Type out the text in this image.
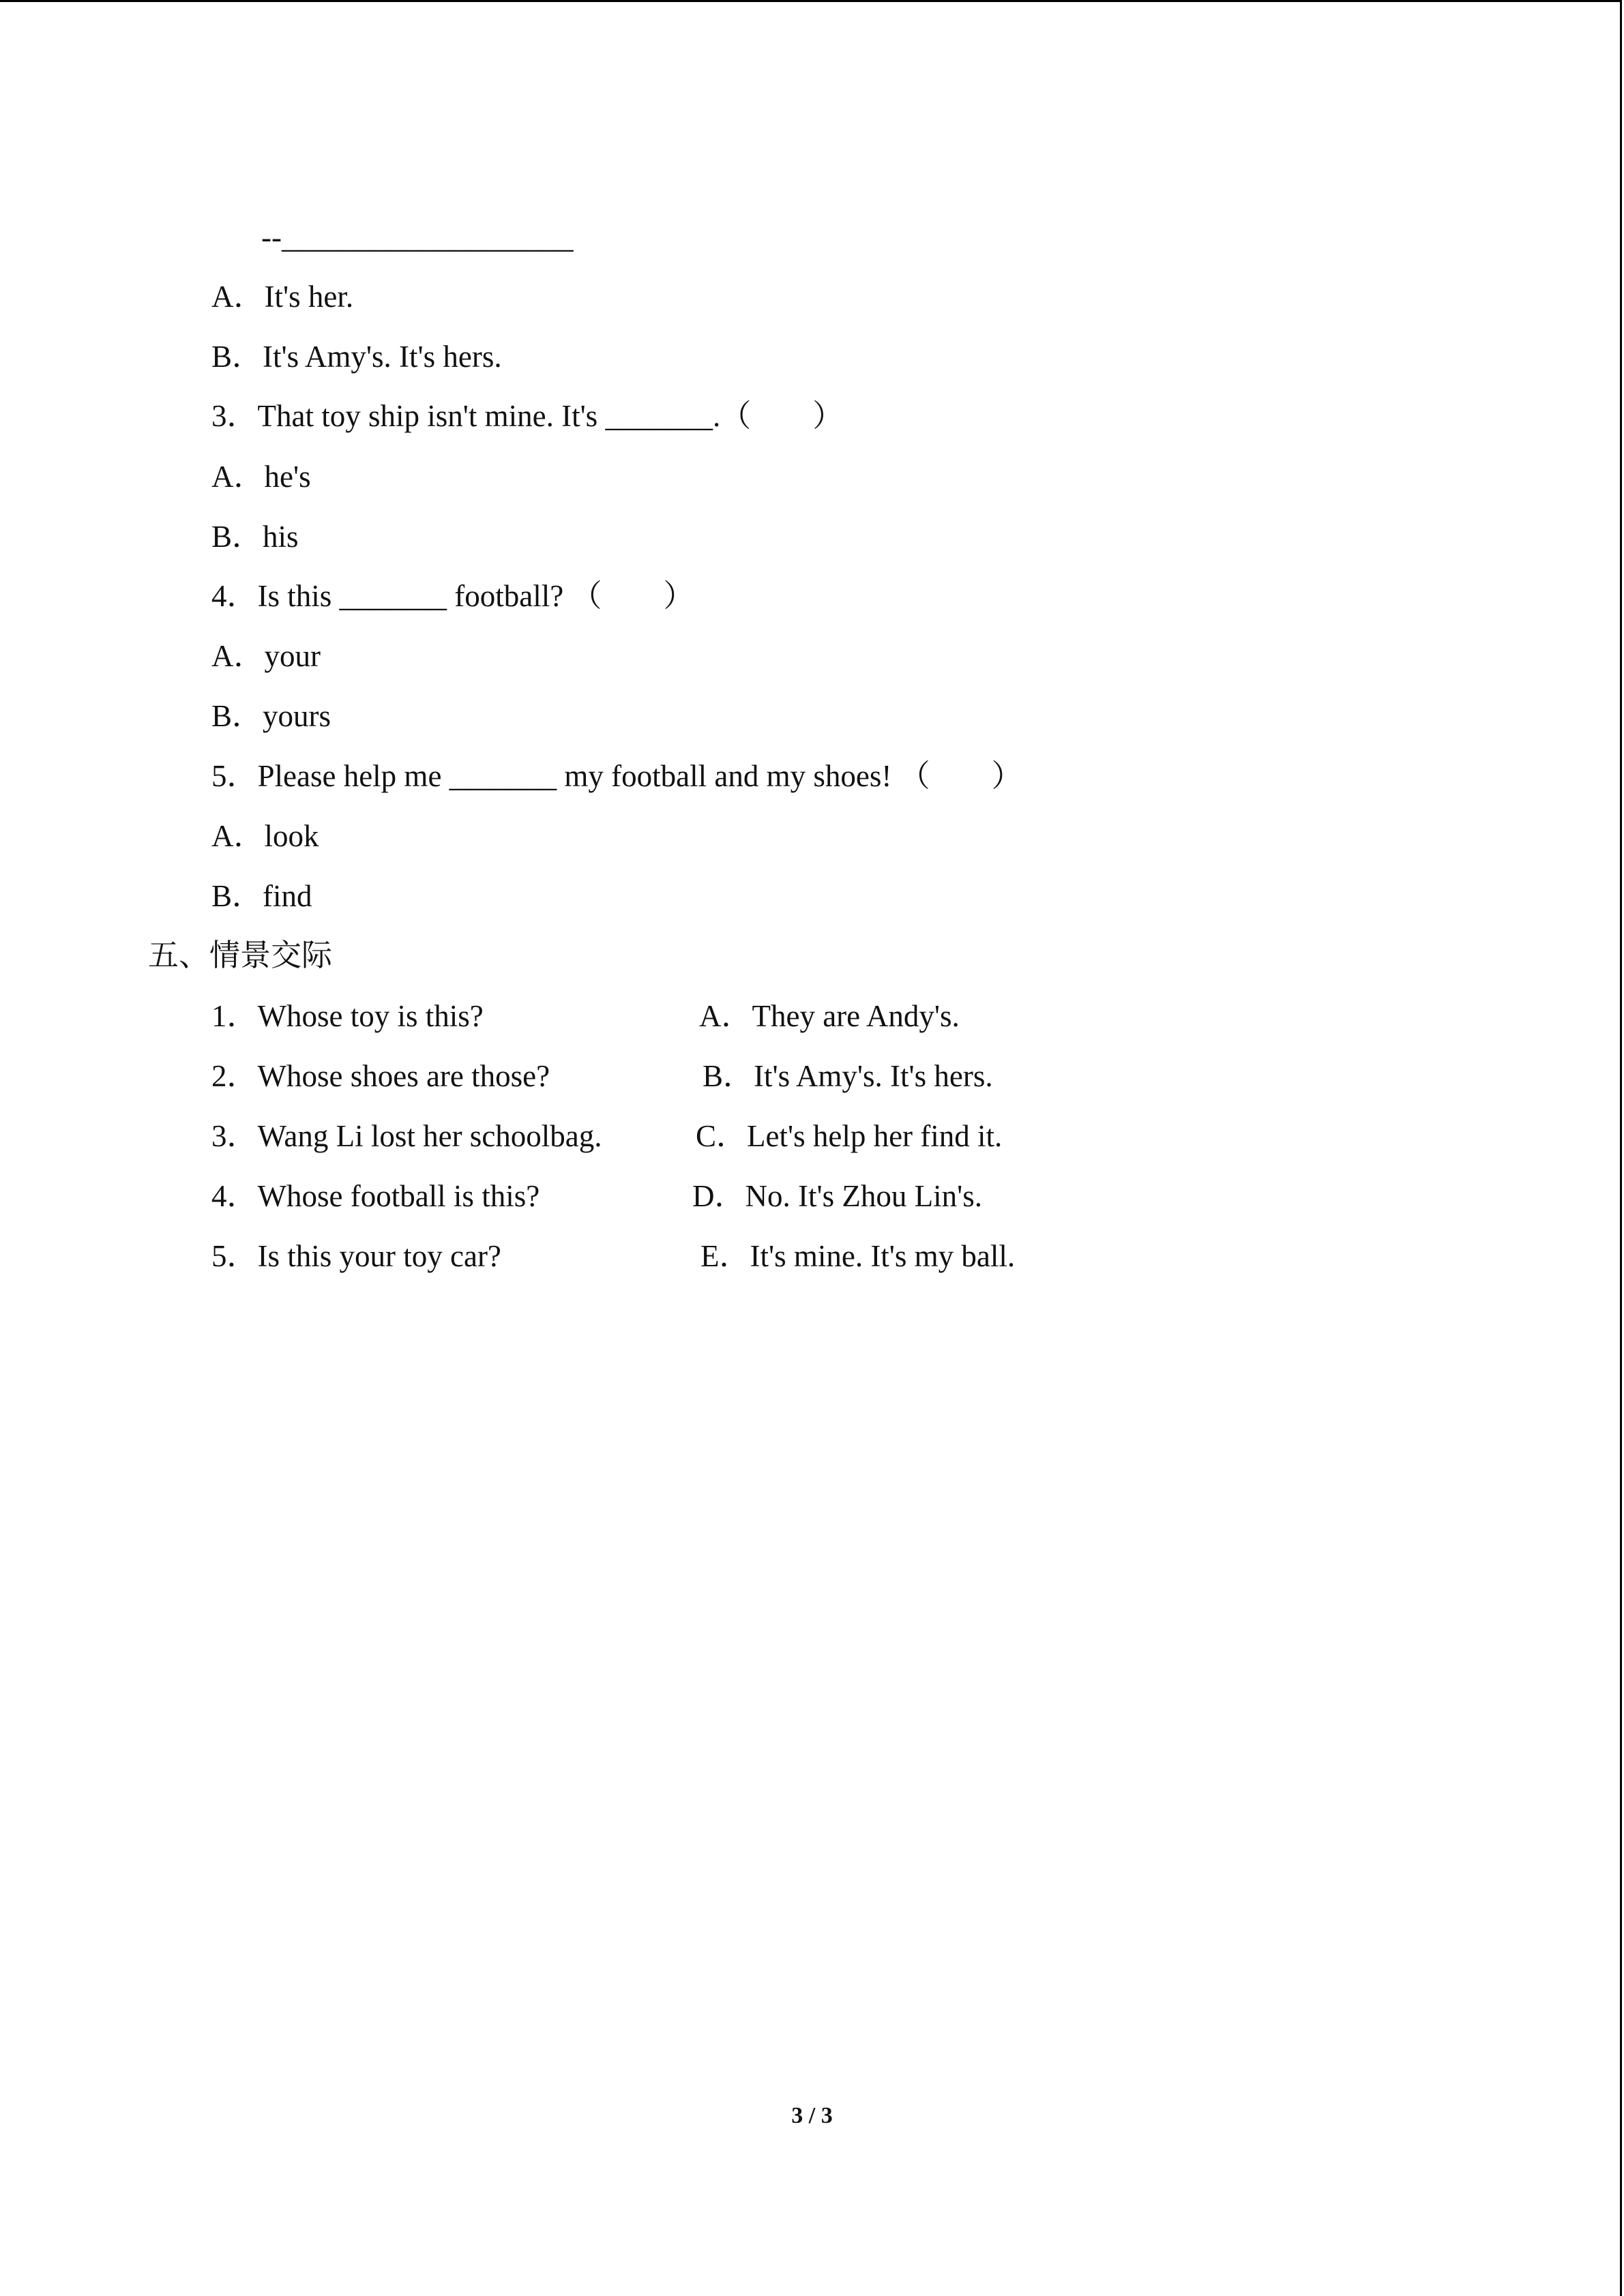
--___________________
A．It's her.
B．It's Amy's. It's hers.
3．That toy ship isn't mine. It's _______.（　　）
A．he's
B．his
4．Is this _______ football? （　　）
A．your
B．yours
5．Please help me _______ my football and my shoes! （　　）
A．look
B．find
五、情景交际
1．Whose toy is this?	A．They are Andy's.
2．Whose shoes are those?	B．It's Amy's. It's hers.
3．Wang Li lost her schoolbag.	C．Let's help her find it.
4．Whose football is this?	D．No. It's Zhou Lin's.
5．Is this your toy car?	E．It's mine. It's my ball.
3 / 3
